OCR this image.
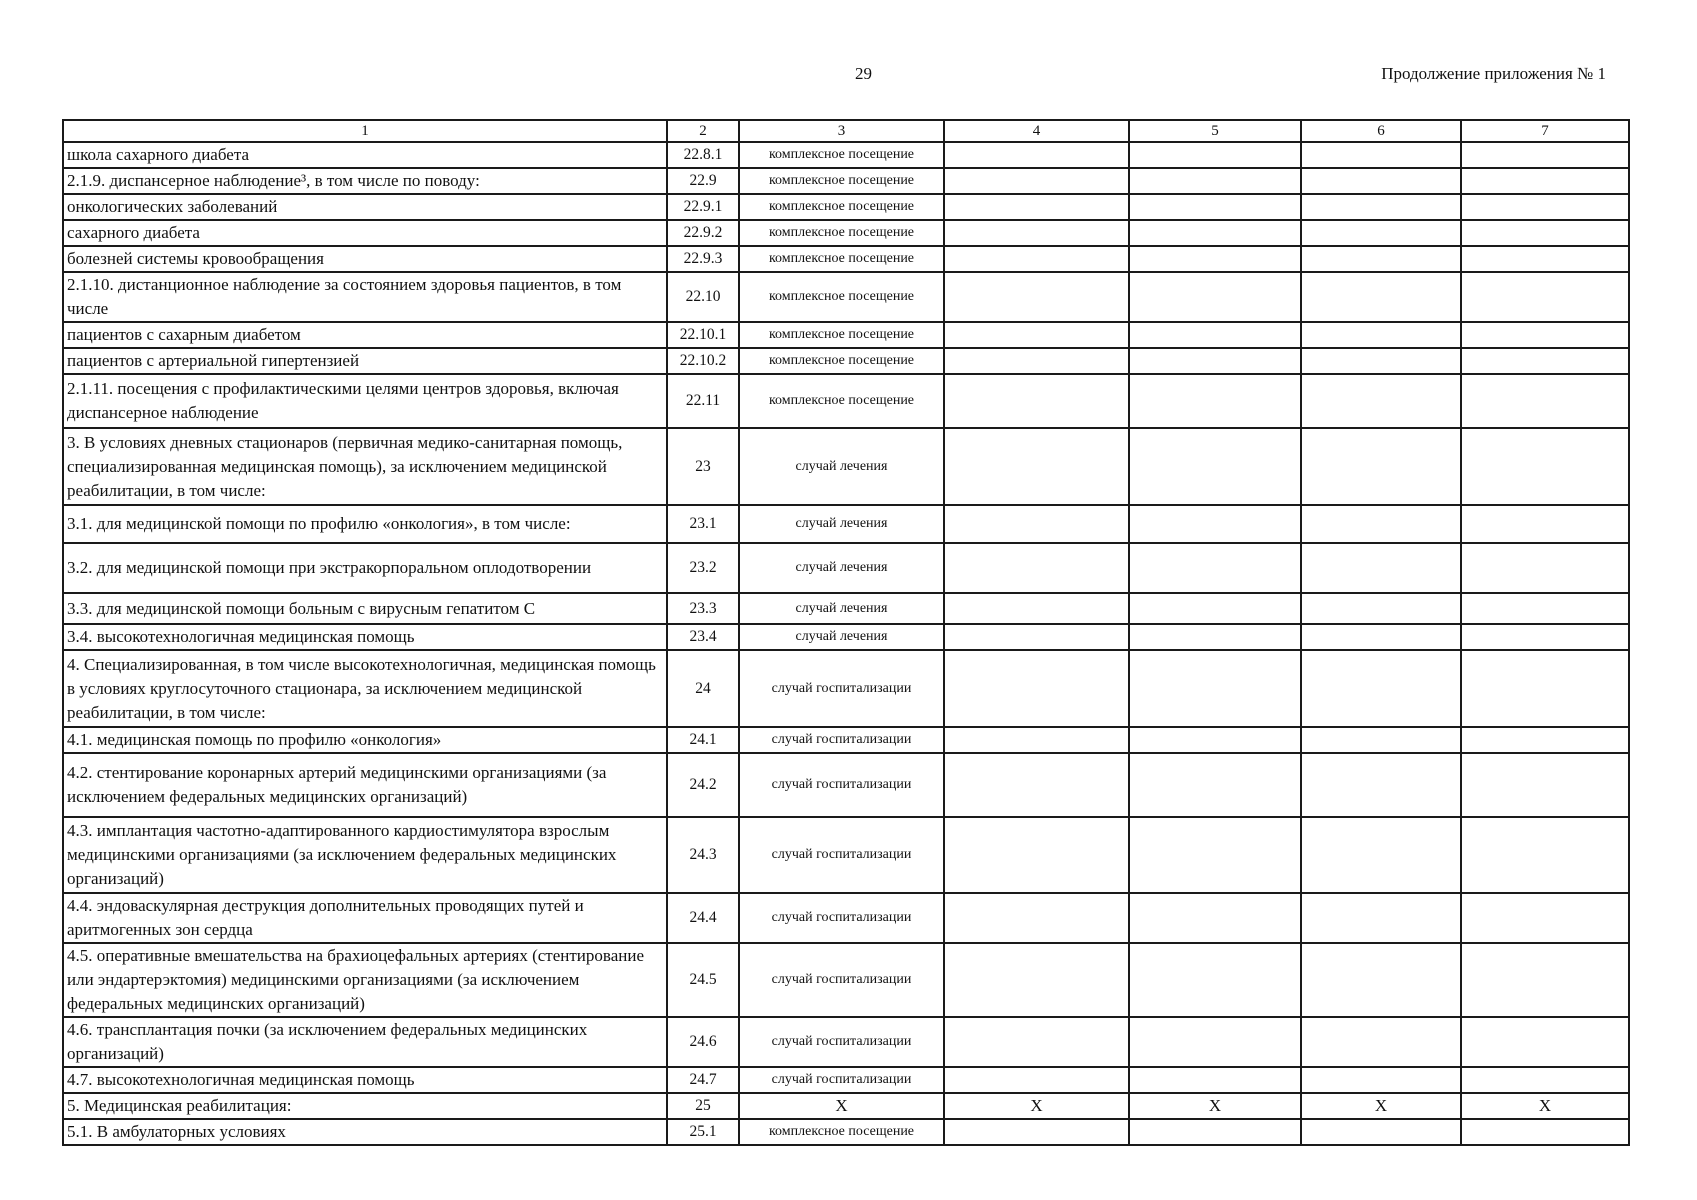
29	Продолжение приложения № 1
1	2	3	4	5	6	7
школа сахарного диабета	22.8.1	комплексное посещение				
2.1.9. диспансерное наблюдение³, в том числе по поводу:	22.9	комплексное посещение				
онкологических заболеваний	22.9.1	комплексное посещение				
сахарного диабета	22.9.2	комплексное посещение				
болезней системы кровообращения	22.9.3	комплексное посещение				
2.1.10. дистанционное наблюдение за состоянием здоровья пациентов, в том числе	22.10	комплексное посещение				
пациентов с сахарным диабетом	22.10.1	комплексное посещение				
пациентов с артериальной гипертензией	22.10.2	комплексное посещение				
2.1.11. посещения с профилактическими целями центров здоровья, включая диспансерное наблюдение	22.11	комплексное посещение				
3. В условиях дневных стационаров (первичная медико-санитарная помощь, специализированная медицинская помощь), за исключением медицинской реабилитации, в том числе:	23	случай лечения				
3.1. для медицинской помощи по профилю «онкология», в том числе:	23.1	случай лечения				
3.2. для медицинской помощи при экстракорпоральном оплодотворении	23.2	случай лечения				
3.3. для медицинской помощи больным с вирусным гепатитом С	23.3	случай лечения				
3.4. высокотехнологичная медицинская помощь	23.4	случай лечения				
4. Специализированная, в том числе высокотехнологичная, медицинская помощь в условиях круглосуточного стационара, за исключением медицинской реабилитации, в том числе:	24	случай госпитализации				
4.1. медицинская помощь по профилю «онкология»	24.1	случай госпитализации				
4.2. стентирование коронарных артерий медицинскими организациями (за исключением федеральных медицинских организаций)	24.2	случай госпитализации				
4.3. имплантация частотно-адаптированного кардиостимулятора взрослым медицинскими организациями (за исключением федеральных медицинских организаций)	24.3	случай госпитализации				
4.4. эндоваскулярная деструкция дополнительных проводящих путей и аритмогенных зон сердца	24.4	случай госпитализации				
4.5. оперативные вмешательства на брахиоцефальных артериях (стентирование или эндартерэктомия) медицинскими организациями (за исключением федеральных медицинских организаций)	24.5	случай госпитализации				
4.6. трансплантация почки (за исключением федеральных медицинских организаций)	24.6	случай госпитализации				
4.7. высокотехнологичная медицинская помощь	24.7	случай госпитализации				
5. Медицинская реабилитация:	25	X	X	X	X	X
5.1. В амбулаторных условиях	25.1	комплексное посещение				
